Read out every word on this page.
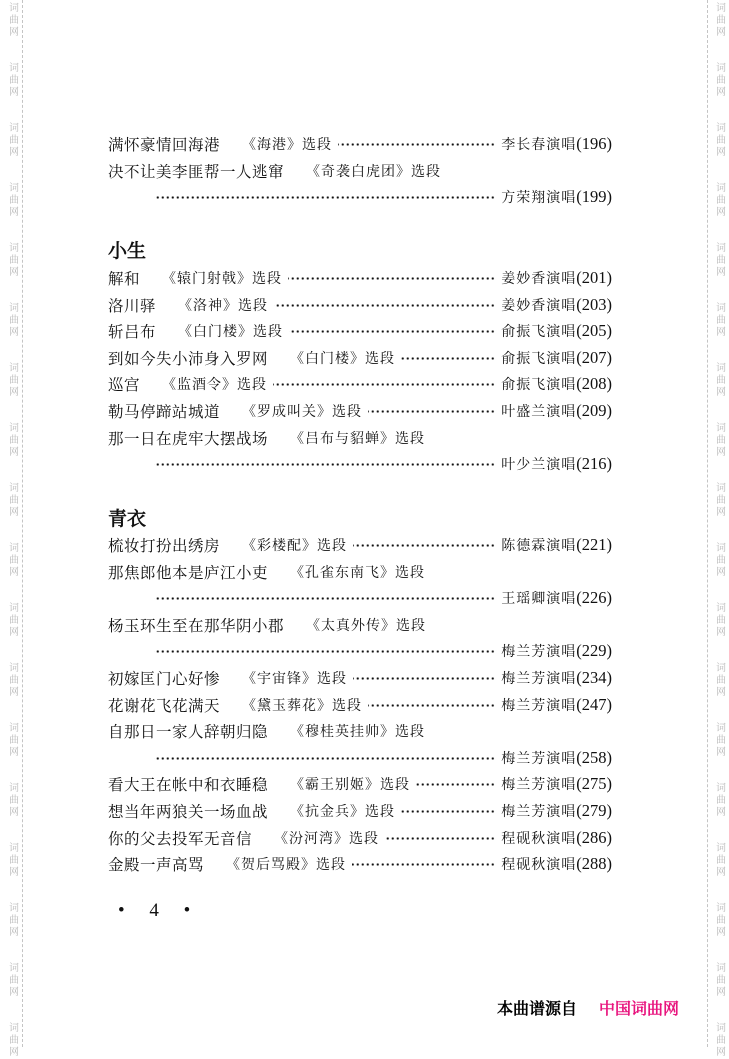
词
曲
网
词
曲
网
词
曲
网
词
曲
网
词
曲
网
词
曲
网
词
曲
网
词
曲
网
词
曲
网
词
曲
网
词
曲
网
词
曲
网
词
曲
网
词
曲
网
词
曲
网
词
曲
网
词
曲
网
词
曲
网
词
曲
网
词
曲
网
词
曲
网
词
曲
网
词
曲
网
词
曲
网
词
曲
网
词
曲
网
词
曲
网
词
曲
网
词
曲
网
词
曲
网
词
曲
网
词
曲
网
词
曲
网
词
曲
网
词
曲
网
词
曲
网
满怀豪情回海港 《海港》选段	李长春演唱 (196)
决不让美李匪帮一人逃窜 《奇袭白虎团》选段
方荣翔演唱 (199)
小生
解和 《辕门射戟》选段	姜妙香演唱 (201)
洛川驿 《洛神》选段	姜妙香演唱 (203)
斩吕布 《白门楼》选段	俞振飞演唱 (205)
到如今失小沛身入罗网 《白门楼》选段	俞振飞演唱 (207)
巡宫 《监酒令》选段	俞振飞演唱 (208)
勒马停蹄站城道 《罗成叫关》选段	叶盛兰演唱 (209)
那一日在虎牢大摆战场 《吕布与貂蝉》选段
叶少兰演唱 (216)
青衣
梳妆打扮出绣房 《彩楼配》选段	陈德霖演唱 (221)
那焦郎他本是庐江小吏 《孔雀东南飞》选段
王瑶卿演唱 (226)
杨玉环生至在那华阴小郡 《太真外传》选段
梅兰芳演唱 (229)
初嫁匡门心好惨 《宇宙锋》选段	梅兰芳演唱 (234)
花谢花飞花满天 《黛玉葬花》选段	梅兰芳演唱 (247)
自那日一家人辞朝归隐 《穆桂英挂帅》选段
梅兰芳演唱 (258)
看大王在帐中和衣睡稳 《霸王别姬》选段	梅兰芳演唱 (275)
想当年两狼关一场血战 《抗金兵》选段	梅兰芳演唱 (279)
你的父去投军无音信 《汾河湾》选段	程砚秋演唱 (286)
金殿一声高骂 《贺后骂殿》选段	程砚秋演唱 (288)
• 4 •
本曲谱源自 中国词曲网
